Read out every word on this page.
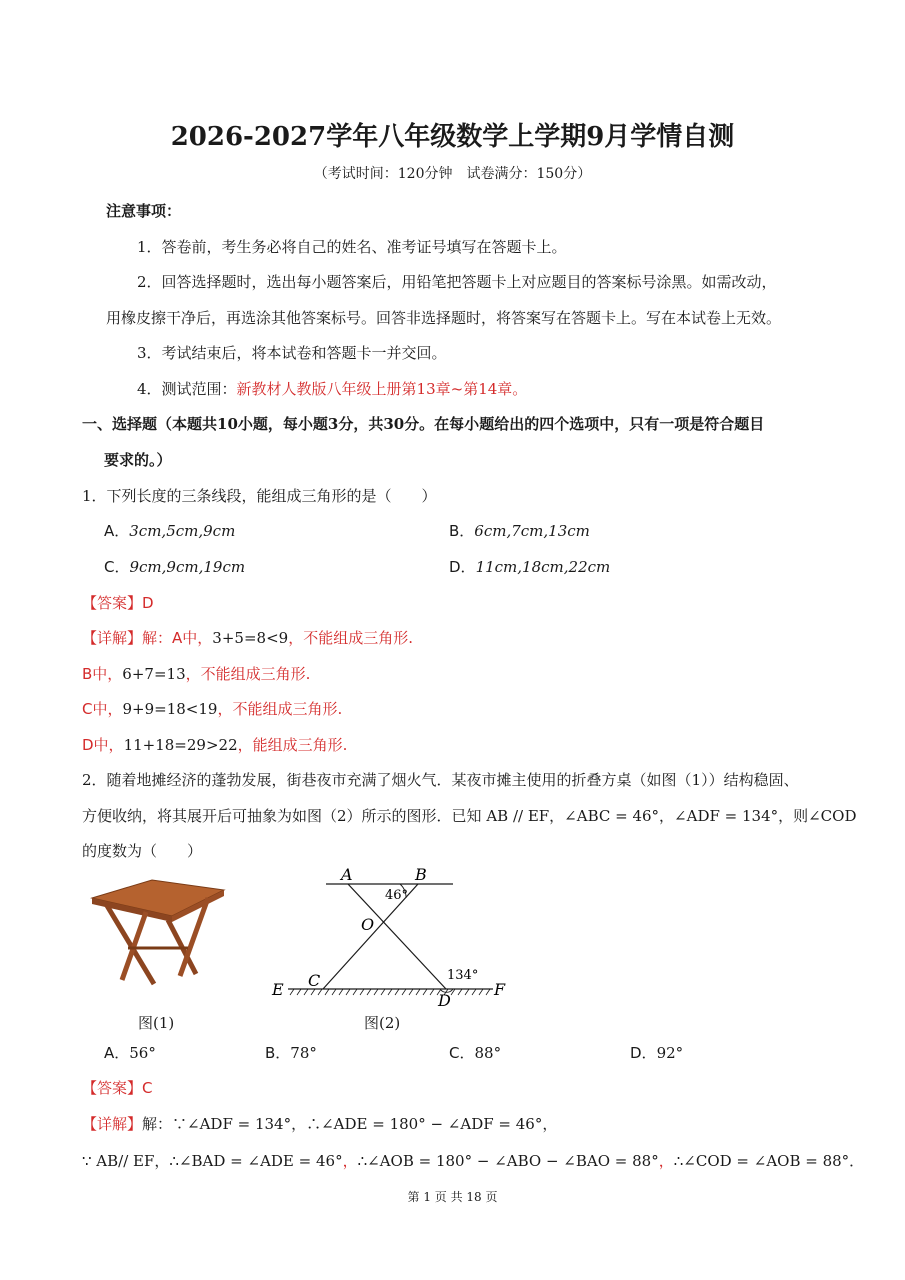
2026-2027学年八年级数学上学期9月学情自测
（考试时间：120分钟　试卷满分：150分）
注意事项：
1．答卷前，考生务必将自己的姓名、准考证号填写在答题卡上。
2．回答选择题时，选出每小题答案后，用铅笔把答题卡上对应题目的答案标号涂黑。如需改动，
用橡皮擦干净后，再选涂其他答案标号。回答非选择题时，将答案写在答题卡上。写在本试卷上无效。
3．考试结束后，将本试卷和答题卡一并交回。
4．测试范围：新教材人教版八年级上册第13章~第14章。
一、选择题（本题共10小题，每小题3分，共30分。在每小题给出的四个选项中，只有一项是符合题目
要求的。）
1．下列长度的三条线段，能组成三角形的是（　　）
A．3cm,5cm,9cm	B．6cm,7cm,13cm
C．9cm,9cm,19cm	D．11cm,18cm,22cm
【答案】D
【详解】解：A中，3+5=8<9，不能组成三角形.
B中，6+7=13，不能组成三角形.
C中，9+9=18<19，不能组成三角形.
D中，11+18=29>22，能组成三角形.
2．随着地摊经济的蓬勃发展，街巷夜市充满了烟火气．某夜市摊主使用的折叠方桌（如图（1））结构稳固、
方便收纳，将其展开后可抽象为如图（2）所示的图形．已知 AB // EF，∠ABC = 46°，∠ADF = 134°，则∠COD
的度数为（　　）
图(1)
A	B
46°
O
C	134°
E
D
F
图(2)
A．56°	B．78°	C．88°	D．92°
【答案】C
【详解】解：∵∠ADF = 134°，∴∠ADE = 180° − ∠ADF = 46°，
∵ AB// EF，∴∠BAD = ∠ADE = 46°，∴∠AOB = 180° − ∠ABO − ∠BAO = 88°，∴∠COD = ∠AOB = 88°．
第 1 页 共 18 页
